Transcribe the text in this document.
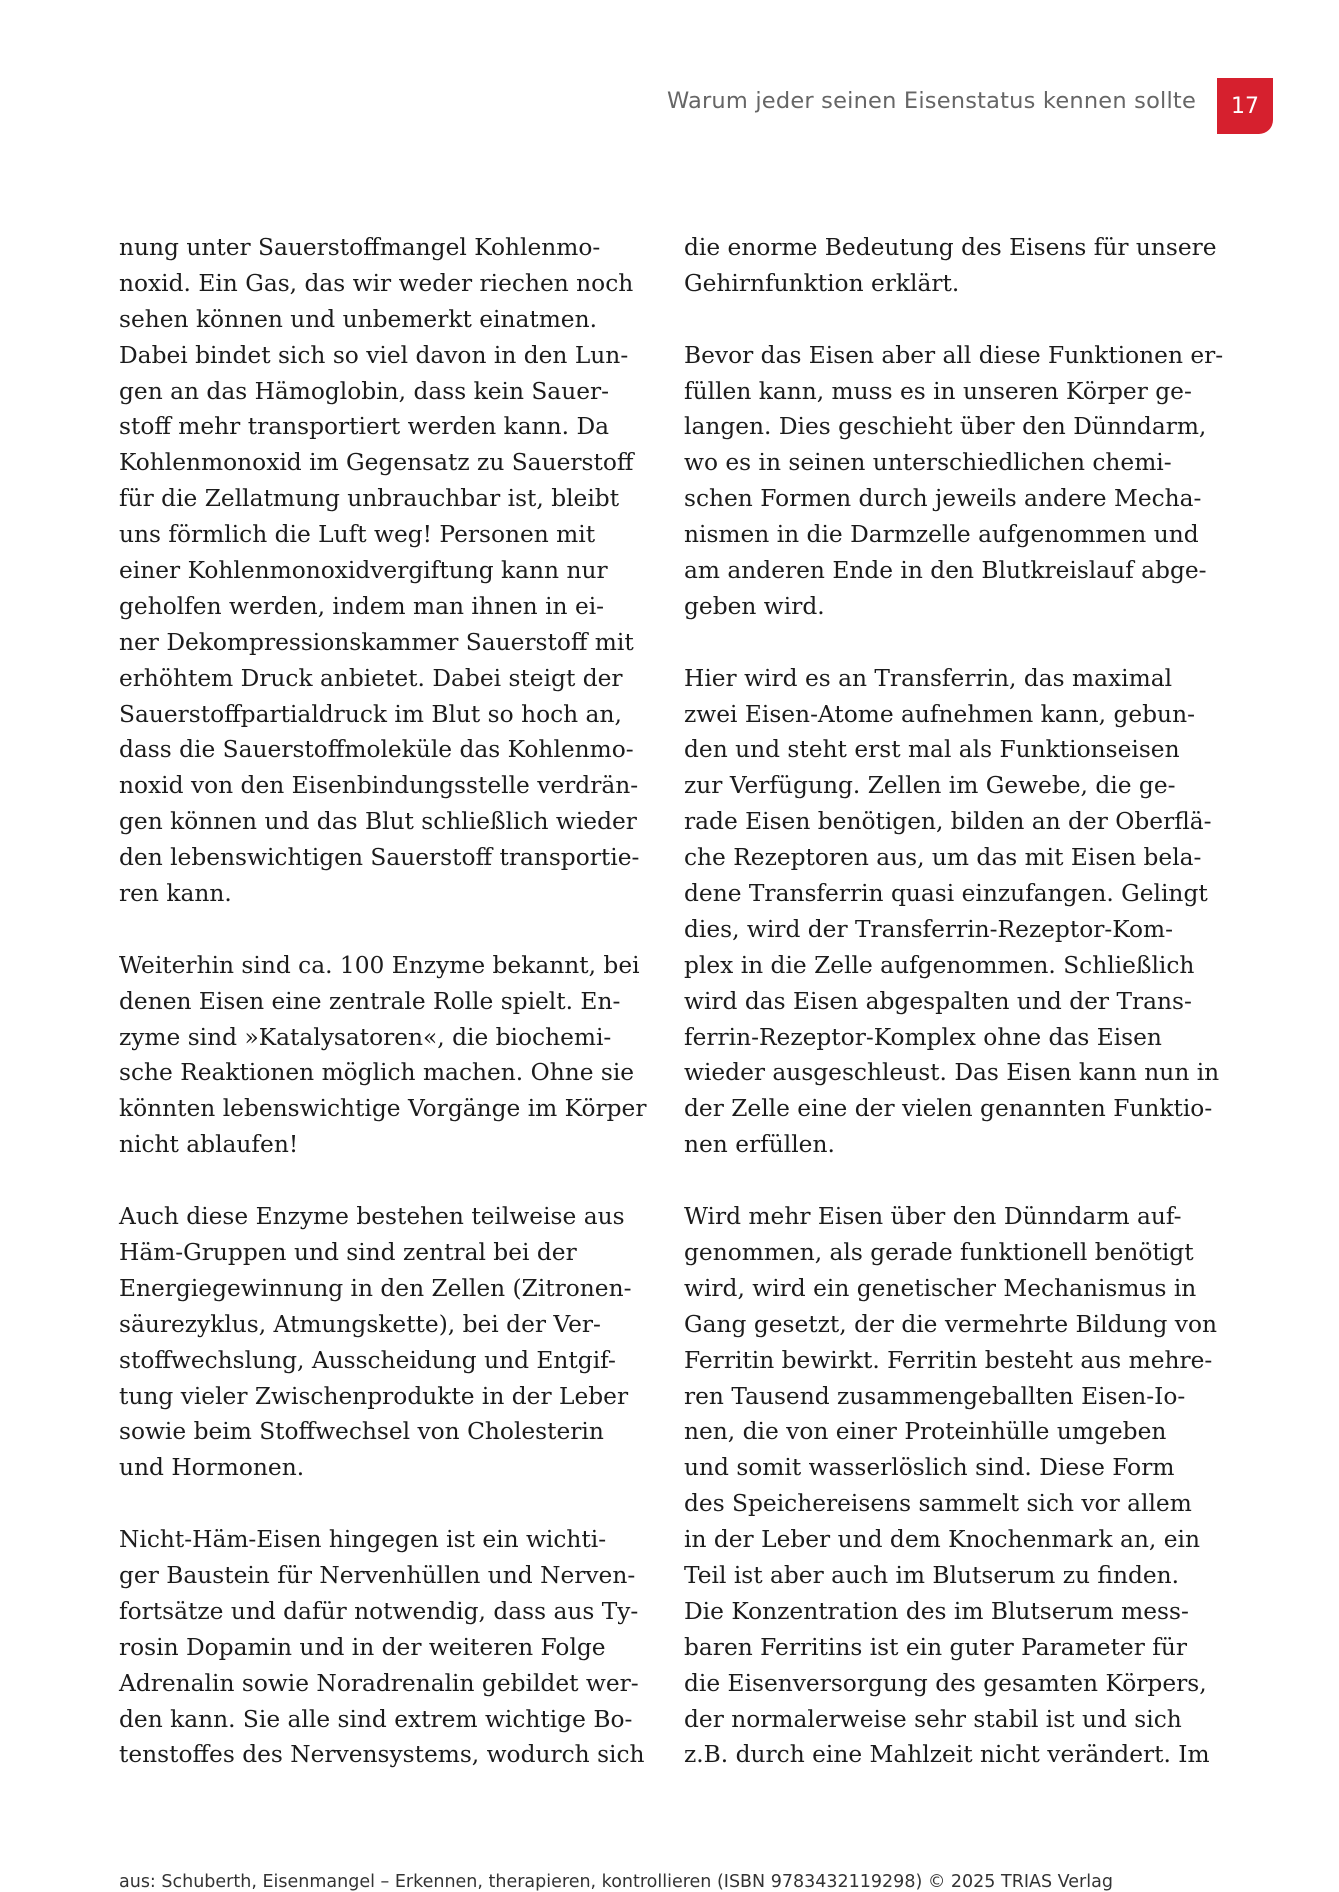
Warum jeder seinen Eisenstatus kennen sollte	17
nung unter Sauerstoffmangel Kohlenmo-
noxid. Ein Gas, das wir weder riechen noch
sehen können und unbemerkt einatmen.
Dabei bindet sich so viel davon in den Lun-
gen an das Hämoglobin, dass kein Sauer-
stoff mehr transportiert werden kann. Da
Kohlenmonoxid im Gegensatz zu Sauerstoff
für die Zellatmung unbrauchbar ist, bleibt
uns förmlich die Luft weg! Personen mit
einer Kohlenmonoxidvergiftung kann nur
geholfen werden, indem man ihnen in ei-
ner Dekompressionskammer Sauerstoff mit
erhöhtem Druck anbietet. Dabei steigt der
Sauerstoffpartialdruck im Blut so hoch an,
dass die Sauerstoffmoleküle das Kohlenmo-
noxid von den Eisenbindungsstelle verdrän-
gen können und das Blut schließlich wieder
den lebenswichtigen Sauerstoff transportie-
ren kann.
Weiterhin sind ca. 100 Enzyme bekannt, bei
denen Eisen eine zentrale Rolle spielt. En-
zyme sind »Katalysatoren«, die biochemi-
sche Reaktionen möglich machen. Ohne sie
könnten lebenswichtige Vorgänge im Körper
nicht ablaufen!
Auch diese Enzyme bestehen teilweise aus
Häm-Gruppen und sind zentral bei der
Energiegewinnung in den Zellen (Zitronen-
säurezyklus, Atmungskette), bei der Ver-
stoffwechslung, Ausscheidung und Entgif-
tung vieler Zwischenprodukte in der Leber
sowie beim Stoffwechsel von Cholesterin
und Hormonen.
Nicht-Häm-Eisen hingegen ist ein wichti-
ger Baustein für Nervenhüllen und Nerven-
fortsätze und dafür notwendig, dass aus Ty-
rosin Dopamin und in der weiteren Folge
Adrenalin sowie Noradrenalin gebildet wer-
den kann. Sie alle sind extrem wichtige Bo-
tenstoffes des Nervensystems, wodurch sich
die enorme Bedeutung des Eisens für unsere
Gehirnfunktion erklärt.
Bevor das Eisen aber all diese Funktionen er-
füllen kann, muss es in unseren Körper ge-
langen. Dies geschieht über den Dünndarm,
wo es in seinen unterschiedlichen chemi-
schen Formen durch jeweils andere Mecha-
nismen in die Darmzelle aufgenommen und
am anderen Ende in den Blutkreislauf abge-
geben wird.
Hier wird es an Transferrin, das maximal
zwei Eisen-Atome aufnehmen kann, gebun-
den und steht erst mal als Funktionseisen
zur Verfügung. Zellen im Gewebe, die ge-
rade Eisen benötigen, bilden an der Oberflä-
che Rezeptoren aus, um das mit Eisen bela-
dene Transferrin quasi einzufangen. Gelingt
dies, wird der Transferrin-Rezeptor-Kom-
plex in die Zelle aufgenommen. Schließlich
wird das Eisen abgespalten und der Trans-
ferrin-Rezeptor-Komplex ohne das Eisen
wieder ausgeschleust. Das Eisen kann nun in
der Zelle eine der vielen genannten Funktio-
nen erfüllen.
Wird mehr Eisen über den Dünndarm auf-
genommen, als gerade funktionell benötigt
wird, wird ein genetischer Mechanismus in
Gang gesetzt, der die vermehrte Bildung von
Ferritin bewirkt. Ferritin besteht aus mehre-
ren Tausend zusammengeballten Eisen-Io-
nen, die von einer Proteinhülle umgeben
und somit wasserlöslich sind. Diese Form
des Speichereisens sammelt sich vor allem
in der Leber und dem Knochenmark an, ein
Teil ist aber auch im Blutserum zu finden.
Die Konzentration des im Blutserum mess-
baren Ferritins ist ein guter Parameter für
die Eisenversorgung des gesamten Körpers,
der normalerweise sehr stabil ist und sich
z.B. durch eine Mahlzeit nicht verändert. Im
aus: Schuberth, Eisenmangel – Erkennen, therapieren, kontrollieren (ISBN 9783432119298) © 2025 TRIAS Verlag
